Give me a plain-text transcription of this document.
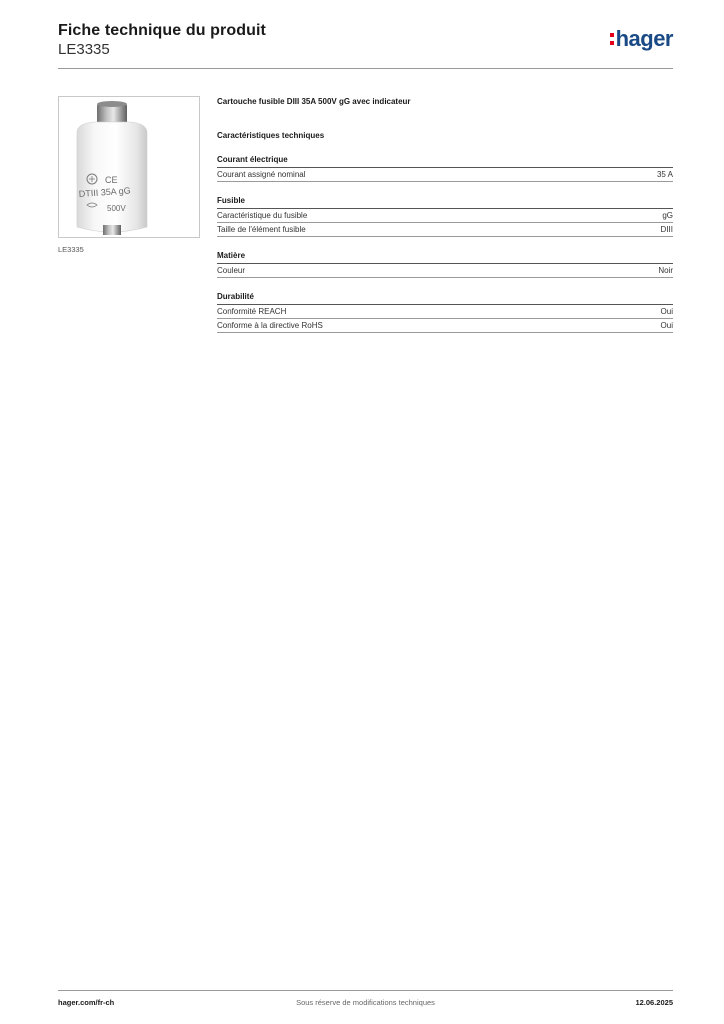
Fiche technique du produit
LE3335	hager
CE
DTIII 35A gG
500V
LE3335
Cartouche fusible DIII 35A 500V gG avec indicateur
Caractéristiques techniques
Courant électrique
Courant assigné nominal	35 A
Fusible
Caractéristique du fusible	gG
Taille de l'élément fusible	DIII
Matière
Couleur	Noir
Durabilité
Conformité REACH	Oui
Conforme à la directive RoHS	Oui
hager.com/fr-ch	Sous réserve de modifications techniques	12.06.2025
